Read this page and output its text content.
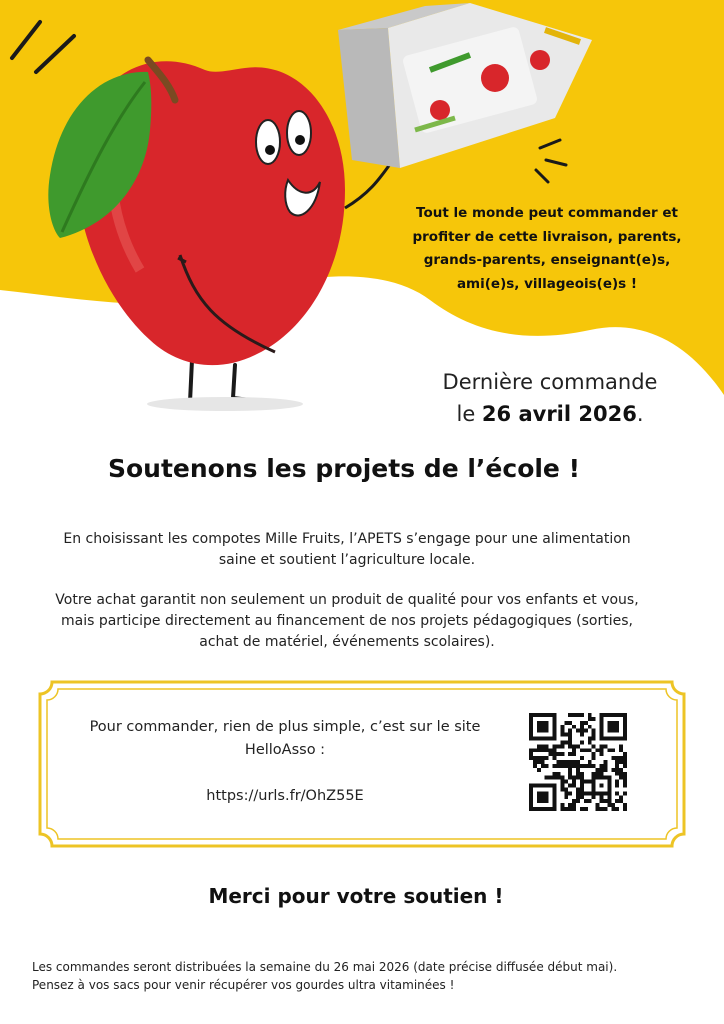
Tout le monde peut commander et profiter de cette livraison, parents, grands-parents, enseignant(e)s, ami(e)s, villageois(e)s !
Dernière commande
le 26 avril 2026.
Soutenons les projets de l’école !
En choisissant les compotes Mille Fruits, l’APETS s’engage pour une alimentation saine et soutient l’agriculture locale.
Votre achat garantit non seulement un produit de qualité pour vos enfants et vous, mais participe directement au financement de nos projets pédagogiques (sorties, achat de matériel, événements scolaires).
Pour commander, rien de plus simple, c’est sur le site HelloAsso :
https://urls.fr/OhZ55E
Merci pour votre soutien !
Les commandes seront distribuées la semaine du 26 mai 2026 (date précise diffusée début mai).
Pensez à vos sacs pour venir récupérer vos gourdes ultra vitaminées !
